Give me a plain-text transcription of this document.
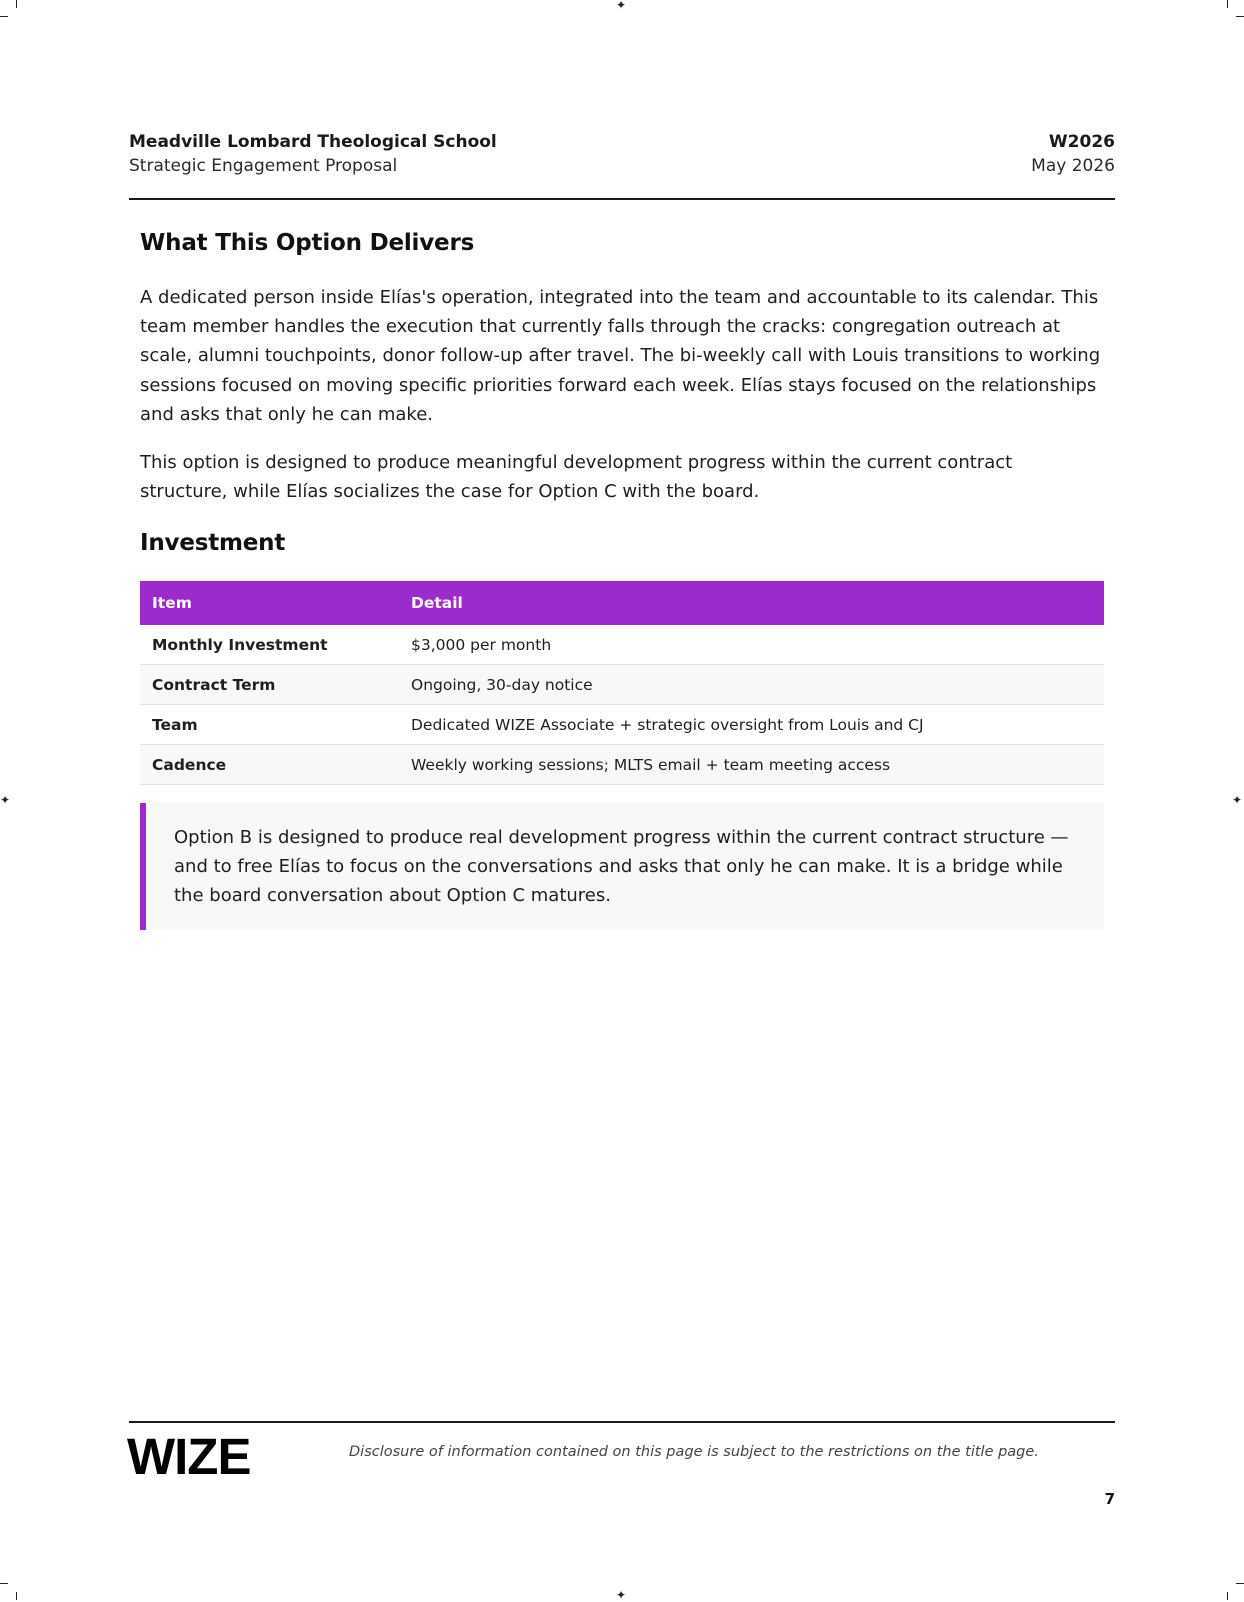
✦
✦
✦	✦
Meadville Lombard Theological School
Strategic Engagement Proposal
W2026
May 2026
What This Option Delivers

A dedicated person inside Elías's operation, integrated into the team and accountable to its calendar. This team member handles the execution that currently falls through the cracks: congregation outreach at scale, alumni touchpoints, donor follow-up after travel. The bi-weekly call with Louis transitions to working sessions focused on moving specific priorities forward each week. Elías stays focused on the relationships and asks that only he can make.

This option is designed to produce meaningful development progress within the current contract structure, while Elías socializes the case for Option C with the board.

Investment
Item	Detail
Monthly Investment	$3,000 per month
Contract Term	Ongoing, 30-day notice
Team	Dedicated WIZE Associate + strategic oversight from Louis and CJ
Cadence	Weekly working sessions; MLTS email + team meeting access

Option B is designed to produce real development progress within the current contract structure — and to free Elías to focus on the conversations and asks that only he can make. It is a bridge while the board conversation about Option C matures.

WIZE	Disclosure of information contained on this page is subject to the restrictions on the title page.
7
